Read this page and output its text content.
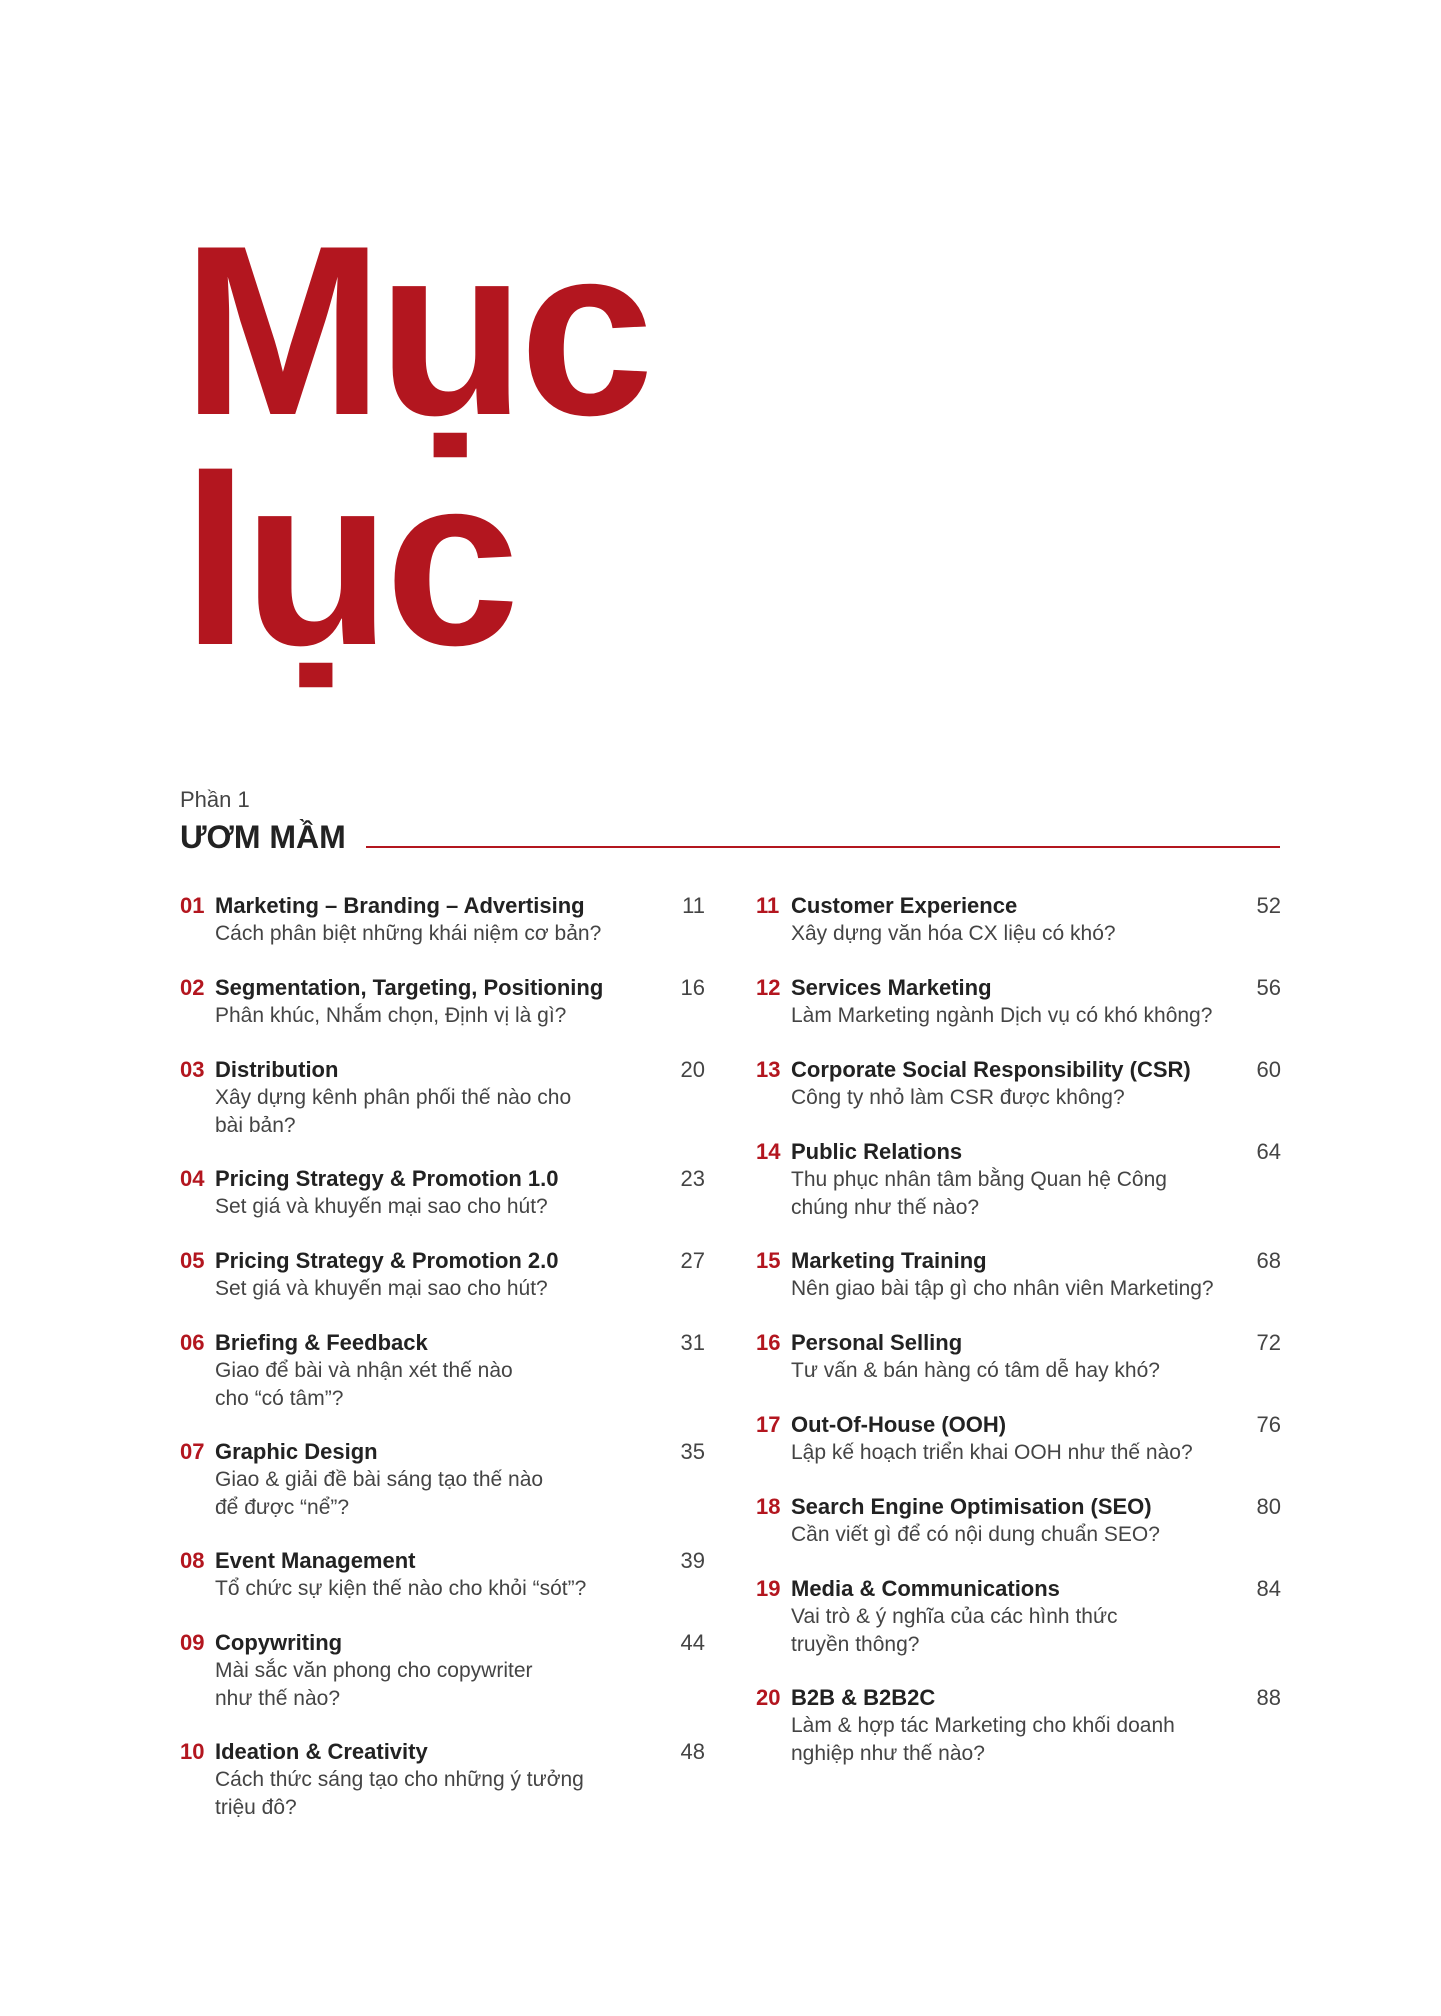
Mục
lục
Phần 1
ƯƠM MẦM
01 Marketing – Branding – Advertising
Cách phân biệt những khái niệm cơ bản?
11
02 Segmentation, Targeting, Positioning
Phân khúc, Nhắm chọn, Định vị là gì?
16
03 Distribution
Xây dựng kênh phân phối thế nào cho
bài bản?
20
04 Pricing Strategy & Promotion 1.0
Set giá và khuyến mại sao cho hút?
23
05 Pricing Strategy & Promotion 2.0
Set giá và khuyến mại sao cho hút?
27
06 Briefing & Feedback
Giao để bài và nhận xét thế nào
cho “có tâm”?
31
07 Graphic Design
Giao & giải đề bài sáng tạo thế nào
để được “nể”?
35
08 Event Management
Tổ chức sự kiện thế nào cho khỏi “sót”?
39
09 Copywriting
Mài sắc văn phong cho copywriter
như thế nào?
44
10 Ideation & Creativity
Cách thức sáng tạo cho những ý tưởng
triệu đô?
48
11 Customer Experience
Xây dựng văn hóa CX liệu có khó?
52
12 Services Marketing
Làm Marketing ngành Dịch vụ có khó không?
56
13 Corporate Social Responsibility (CSR)
Công ty nhỏ làm CSR được không?
60
14 Public Relations
Thu phục nhân tâm bằng Quan hệ Công
chúng như thế nào?
64
15 Marketing Training
Nên giao bài tập gì cho nhân viên Marketing?
68
16 Personal Selling
Tư vấn & bán hàng có tâm dễ hay khó?
72
17 Out-Of-House (OOH)
Lập kế hoạch triển khai OOH như thế nào?
76
18 Search Engine Optimisation (SEO)
Cần viết gì để có nội dung chuẩn SEO?
80
19 Media & Communications
Vai trò & ý nghĩa của các hình thức
truyền thông?
84
20 B2B & B2B2C
Làm & hợp tác Marketing cho khối doanh
nghiệp như thế nào?
88
